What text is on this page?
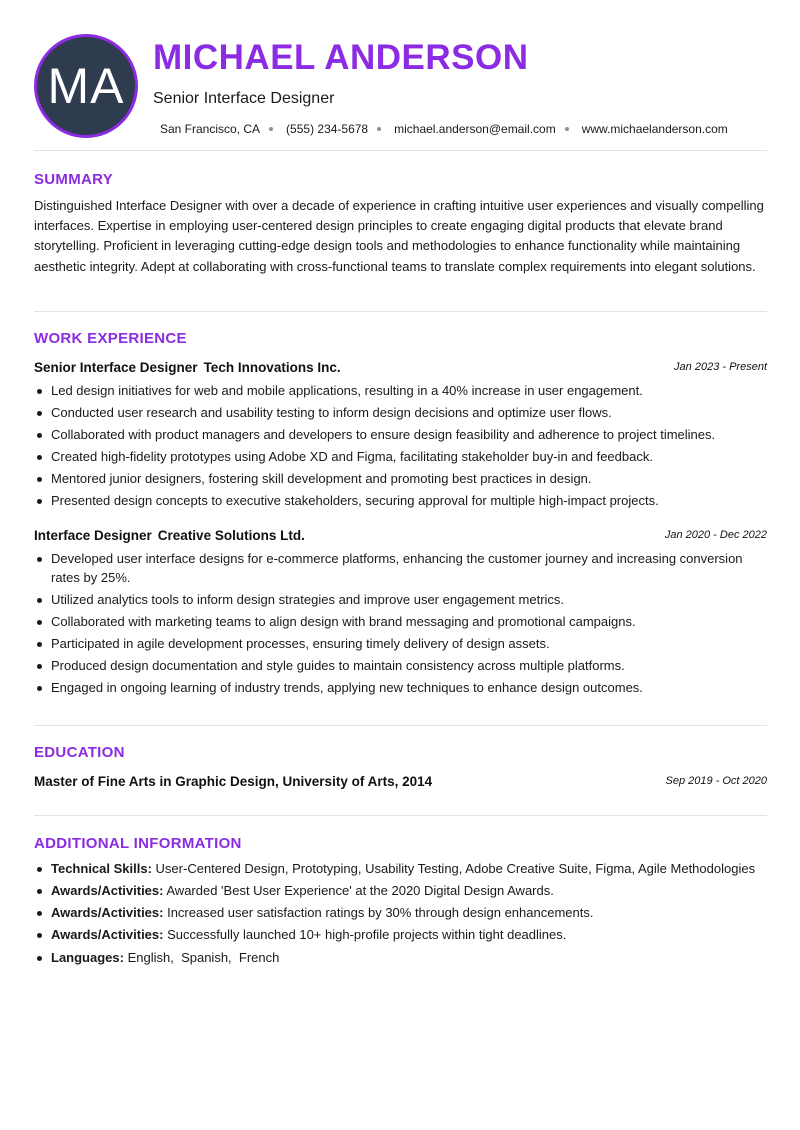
MA
MICHAEL ANDERSON
Senior Interface Designer
San Francisco, CA (555) 234-5678 michael.anderson@email.com www.michaelanderson.com
SUMMARY
Distinguished Interface Designer with over a decade of experience in crafting intuitive user experiences and visually compelling interfaces. Expertise in employing user-centered design principles to create engaging digital products that elevate brand storytelling. Proficient in leveraging cutting-edge design tools and methodologies to enhance functionality while maintaining aesthetic integrity. Adept at collaborating with cross-functional teams to translate complex requirements into elegant solutions.
WORK EXPERIENCE
Senior Interface Designer Tech Innovations Inc.	Jan 2023 - Present
Led design initiatives for web and mobile applications, resulting in a 40% increase in user engagement.
Conducted user research and usability testing to inform design decisions and optimize user flows.
Collaborated with product managers and developers to ensure design feasibility and adherence to project timelines.
Created high-fidelity prototypes using Adobe XD and Figma, facilitating stakeholder buy-in and feedback.
Mentored junior designers, fostering skill development and promoting best practices in design.
Presented design concepts to executive stakeholders, securing approval for multiple high-impact projects.
Interface Designer Creative Solutions Ltd.	Jan 2020 - Dec 2022
Developed user interface designs for e-commerce platforms, enhancing the customer journey and increasing conversion rates by 25%.
Utilized analytics tools to inform design strategies and improve user engagement metrics.
Collaborated with marketing teams to align design with brand messaging and promotional campaigns.
Participated in agile development processes, ensuring timely delivery of design assets.
Produced design documentation and style guides to maintain consistency across multiple platforms.
Engaged in ongoing learning of industry trends, applying new techniques to enhance design outcomes.
EDUCATION
Master of Fine Arts in Graphic Design, University of Arts, 2014	Sep 2019 - Oct 2020
ADDITIONAL INFORMATION
Technical Skills: User-Centered Design, Prototyping, Usability Testing, Adobe Creative Suite, Figma, Agile Methodologies
Awards/Activities: Awarded 'Best User Experience' at the 2020 Digital Design Awards.
Awards/Activities: Increased user satisfaction ratings by 30% through design enhancements.
Awards/Activities: Successfully launched 10+ high-profile projects within tight deadlines.
Languages: English,  Spanish,  French
